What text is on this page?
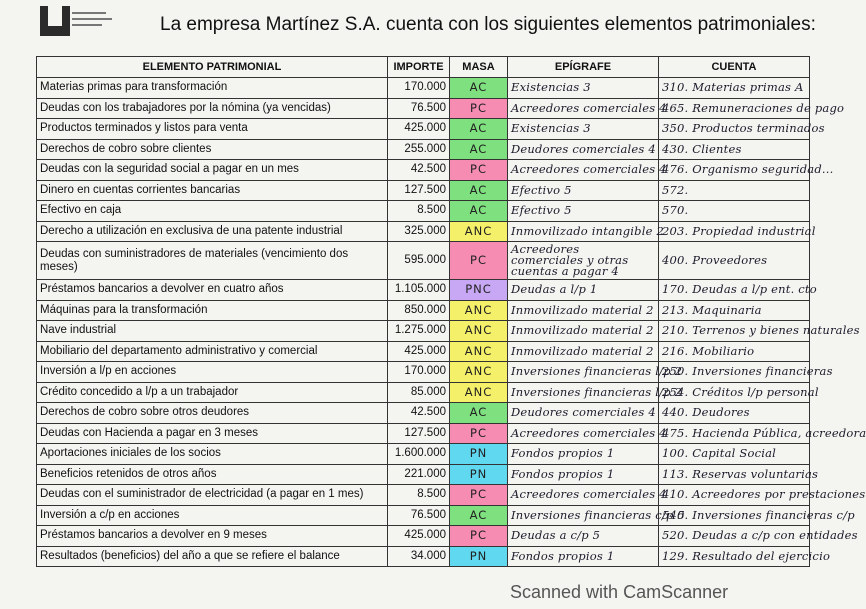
La empresa Martínez S.A. cuenta con los siguientes elementos patrimoniales:
ELEMENTO PATRIMONIAL	IMPORTE	MASA	EPÍGRAFE	CUENTA
Materias primas para transformación	170.000	AC	Existencias 3	310. Materias primas A
Deudas con los trabajadores por la nómina (ya vencidas)	76.500	PC	Acreedores comerciales 4	465. Remuneraciones de pago
Productos terminados y listos para venta	425.000	AC	Existencias 3	350. Productos terminados
Derechos de cobro sobre clientes	255.000	AC	Deudores comerciales 4	430. Clientes
Deudas con la seguridad social a pagar en un mes	42.500	PC	Acreedores comerciales 4	476. Organismo seguridad...
Dinero en cuentas corrientes bancarias	127.500	AC	Efectivo 5	572.
Efectivo en caja	8.500	AC	Efectivo 5	570.
Derecho a utilización en exclusiva de una patente industrial	325.000	ANC	Inmovilizado intangible 2	203. Propiedad industrial
Deudas con suministradores de materiales (vencimiento dos meses)	595.000	PC	Acreedores comerciales y otras cuentas a pagar 4	400. Proveedores
Préstamos bancarios a devolver en cuatro años	1.105.000	PNC	Deudas a l/p 1	170. Deudas a l/p ent. cto
Máquinas para la transformación	850.000	ANC	Inmovilizado material 2	213. Maquinaria
Nave industrial	1.275.000	ANC	Inmovilizado material 2	210. Terrenos y bienes naturales
Mobiliario del departamento administrativo y comercial	425.000	ANC	Inmovilizado material 2	216. Mobiliario
Inversión a l/p en acciones	170.000	ANC	Inversiones financieras l/p 2	250. Inversiones financieras
Crédito concedido a l/p a un trabajador	85.000	ANC	Inversiones financieras l/p 2	254. Créditos l/p personal
Derechos de cobro sobre otros deudores	42.500	AC	Deudores comerciales 4	440. Deudores
Deudas con Hacienda a pagar en 3 meses	127.500	PC	Acreedores comerciales 4	475. Hacienda Pública, acreedora
Aportaciones iniciales de los socios	1.600.000	PN	Fondos propios 1	100. Capital Social
Beneficios retenidos de otros años	221.000	PN	Fondos propios 1	113. Reservas voluntarias
Deudas con el suministrador de electricidad (a pagar en 1 mes)	8.500	PC	Acreedores comerciales 4	410. Acreedores por prestaciones
Inversión a c/p en acciones	76.500	AC	Inversiones financieras c/p 5	540. Inversiones financieras c/p
Préstamos bancarios a devolver en 9 meses	425.000	PC	Deudas a c/p 5	520. Deudas a c/p con entidades
Resultados (beneficios) del año a que se refiere el balance	34.000	PN	Fondos propios 1	129. Resultado del ejercicio
Scanned with CamScanner
